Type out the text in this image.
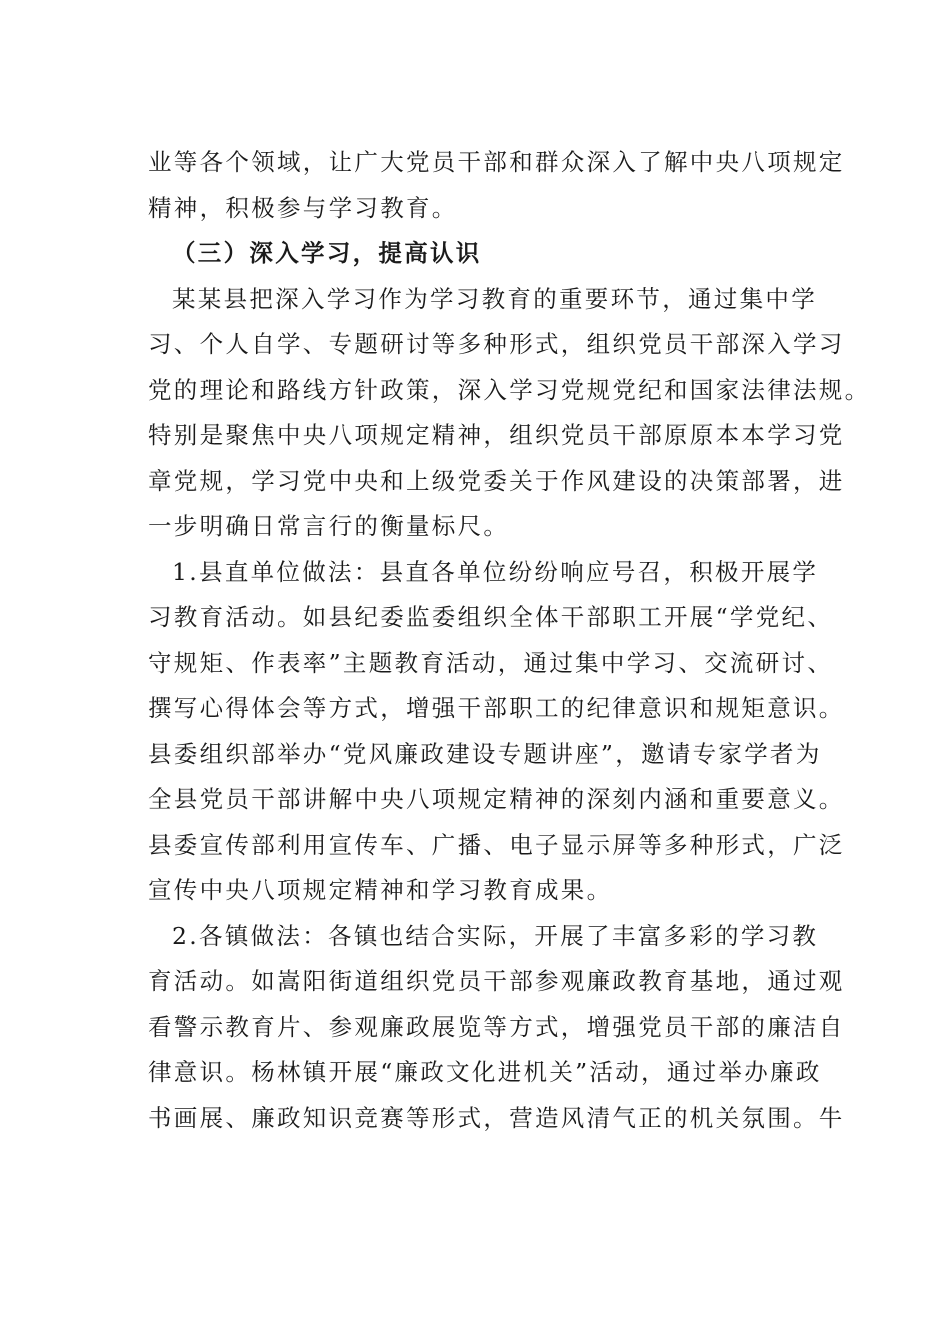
业等各个领域，让广大党员干部和群众深入了解中央八项规定
精神，积极参与学习教育。
（三）深入学习，提高认识
某某县把深入学习作为学习教育的重要环节，通过集中学
习、个人自学、专题研讨等多种形式，组织党员干部深入学习
党的理论和路线方针政策，深入学习党规党纪和国家法律法规。
特别是聚焦中央八项规定精神，组织党员干部原原本本学习党
章党规，学习党中央和上级党委关于作风建设的决策部署，进
一步明确日常言行的衡量标尺。
1.县直单位做法：县直各单位纷纷响应号召，积极开展学
习教育活动。如县纪委监委组织全体干部职工开展“学党纪、
守规矩、作表率”主题教育活动，通过集中学习、交流研讨、
撰写心得体会等方式，增强干部职工的纪律意识和规矩意识。
县委组织部举办“党风廉政建设专题讲座”，邀请专家学者为
全县党员干部讲解中央八项规定精神的深刻内涵和重要意义。
县委宣传部利用宣传车、广播、电子显示屏等多种形式，广泛
宣传中央八项规定精神和学习教育成果。
2.各镇做法：各镇也结合实际，开展了丰富多彩的学习教
育活动。如嵩阳街道组织党员干部参观廉政教育基地，通过观
看警示教育片、参观廉政展览等方式，增强党员干部的廉洁自
律意识。杨林镇开展“廉政文化进机关”活动，通过举办廉政
书画展、廉政知识竞赛等形式，营造风清气正的机关氛围。牛
